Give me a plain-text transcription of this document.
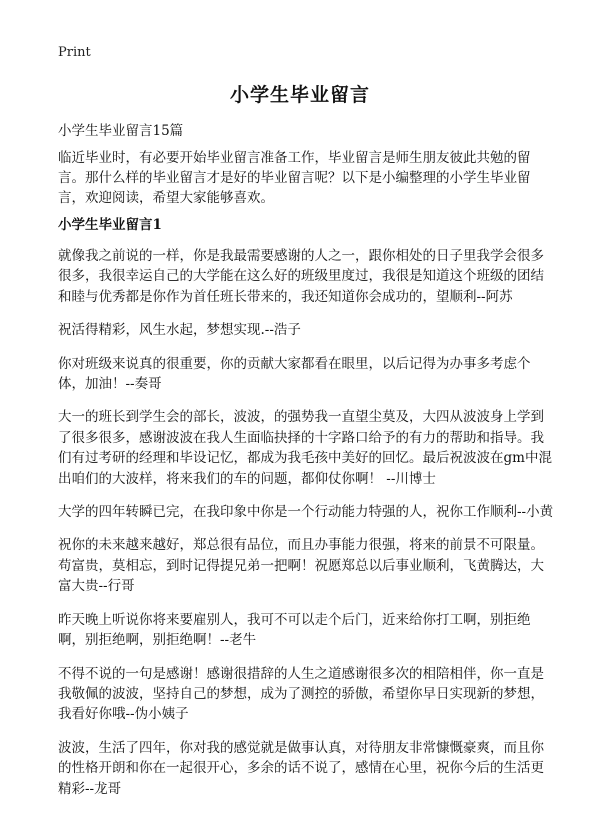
Print
小学生毕业留言

小学生毕业留言15篇

临近毕业时，有必要开始毕业留言准备工作，毕业留言是师生朋友彼此共勉的留言。那什么样的毕业留言才是好的毕业留言呢？以下是小编整理的小学生毕业留言，欢迎阅读，希望大家能够喜欢。

小学生毕业留言1

就像我之前说的一样，你是我最需要感谢的人之一，跟你相处的日子里我学会很多很多，我很幸运自己的大学能在这么好的班级里度过，我很是知道这个班级的团结和睦与优秀都是你作为首任班长带来的，我还知道你会成功的，望顺利--阿苏

祝活得精彩，风生水起，梦想实现.--浩子

你对班级来说真的很重要，你的贡献大家都看在眼里，以后记得为办事多考虑个体，加油！--奏哥

大一的班长到学生会的部长，波波，的强势我一直望尘莫及，大四从波波身上学到了很多很多，感谢波波在我人生面临抉择的十字路口给予的有力的帮助和指导。我们有过考研的经理和毕设记忆，都成为我毛孩中美好的回忆。最后祝波波在gm中混出咱们的大波样，将来我们的车的问题，都仰仗你啊！ --川博士

大学的四年转瞬已完，在我印象中你是一个行动能力特强的人，祝你工作顺利--小黄

祝你的未来越来越好，郑总很有品位，而且办事能力很强，将来的前景不可限量。苟富贵，莫相忘，到时记得提兄弟一把啊！祝愿郑总以后事业顺利，飞黄腾达，大富大贵--行哥

昨天晚上听说你将来要雇别人，我可不可以走个后门，近来给你打工啊，别拒绝啊，别拒绝啊，别拒绝啊！--老牛

不得不说的一句是感谢！感谢很措辞的人生之道感谢很多次的相陪相伴，你一直是我敬佩的波波，坚持自己的梦想，成为了测控的骄傲，希望你早日实现新的梦想，我看好你哦--伪小姨子

波波，生活了四年，你对我的感觉就是做事认真，对待朋友非常慷慨豪爽，而且你的性格开朗和你在一起很开心，多余的话不说了，感情在心里，祝你今后的生活更精彩--龙哥
